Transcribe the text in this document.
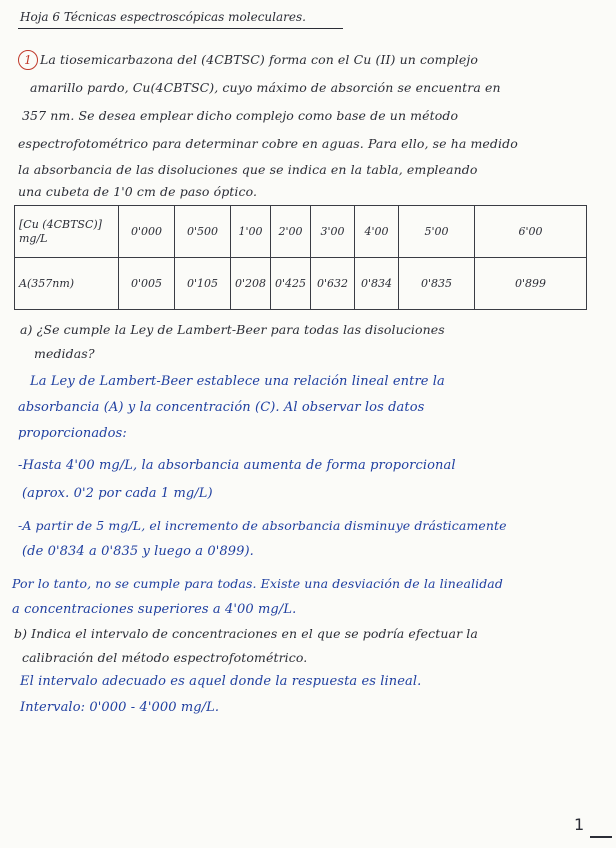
Hoja 6 Técnicas espectroscópicas moleculares.
1 La tiosemicarbazona del (4CBTSC) forma con el Cu (II) un complejo
amarillo pardo, Cu(4CBTSC), cuyo máximo de absorción se encuentra en
357 nm. Se desea emplear dicho complejo como base de un método
espectrofotométrico para determinar cobre en aguas. Para ello, se ha medido
la absorbancia de las disoluciones que se indica en la tabla, empleando
una cubeta de 1'0 cm de paso óptico.
[Cu (4CBTSC)]
mg/L	0'000	0'500	1'00	2'00	3'00	4'00	5'00	6'00
A(357nm)	0'005	0'105	0'208	0'425	0'632	0'834	0'835	0'899
a) ¿Se cumple la Ley de Lambert-Beer para todas las disoluciones
medidas?
La Ley de Lambert-Beer establece una relación lineal entre la
absorbancia (A) y la concentración (C). Al observar los datos
proporcionados:
-Hasta 4'00 mg/L, la absorbancia aumenta de forma proporcional
(aprox. 0'2 por cada 1 mg/L)
-A partir de 5 mg/L, el incremento de absorbancia disminuye drásticamente
(de 0'834 a 0'835 y luego a 0'899).
Por lo tanto, no se cumple para todas. Existe una desviación de la linealidad
a concentraciones superiores a 4'00 mg/L.
b) Indica el intervalo de concentraciones en el que se podría efectuar la
calibración del método espectrofotométrico.
El intervalo adecuado es aquel donde la respuesta es lineal.
Intervalo: 0'000 - 4'000 mg/L.
1
